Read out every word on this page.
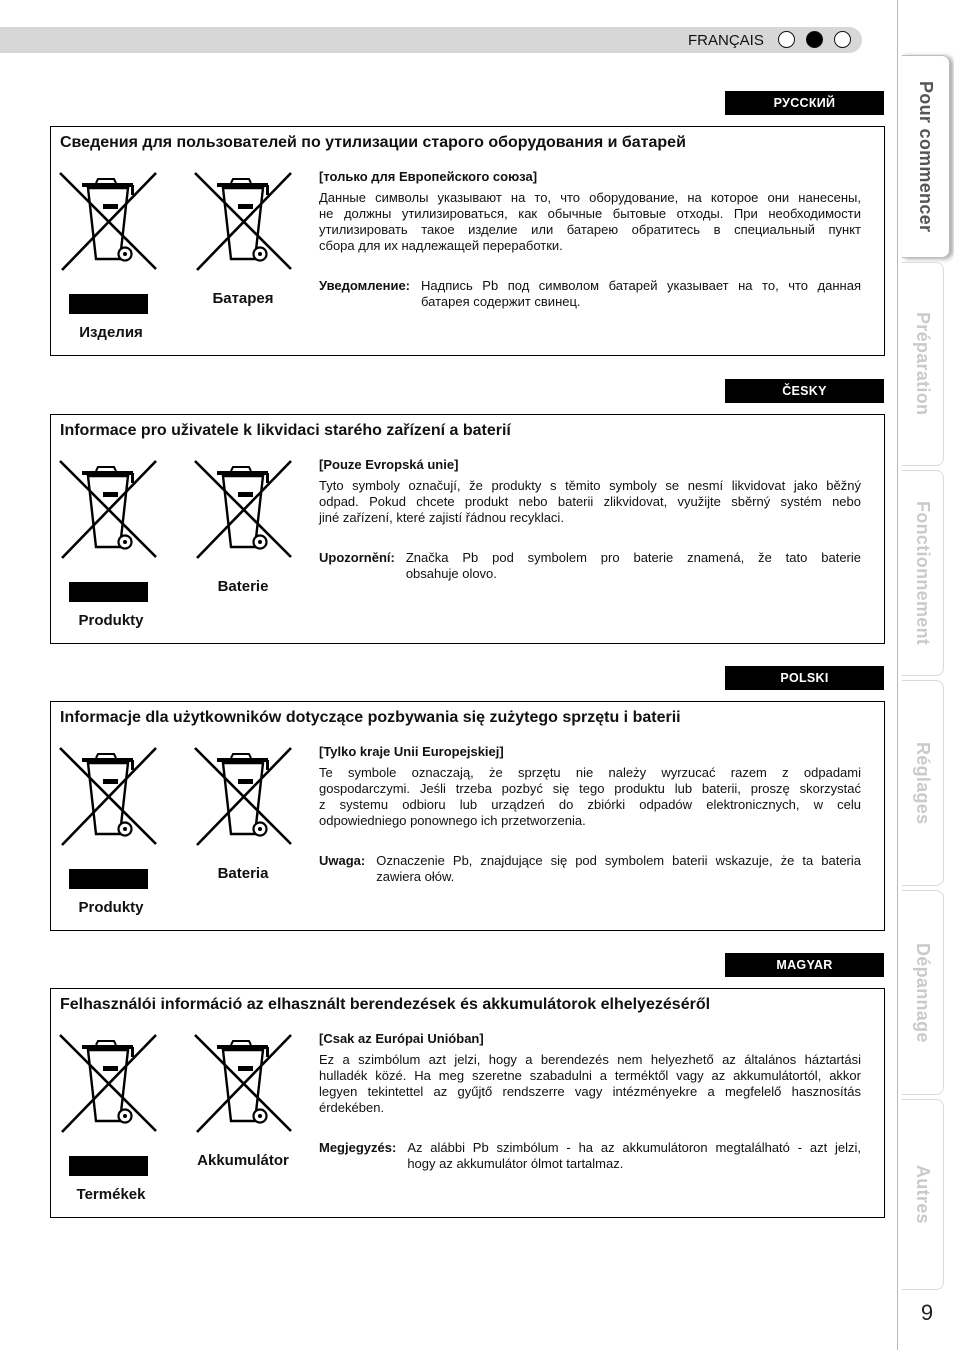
FRANÇAIS
Pour commencer
Préparation
Fonctionnement
Réglages
Dépannage
Autres
9
РУССКИЙ
Сведения для пользователей по утилизации старого оборудования и батарей
Изделия
Батарея
[только для Европейского союза]
Данные символы указывают на то, что оборудование, на которое они нанесены,
не должны утилизироваться, как обычные бытовые отходы. При необходимости
утилизировать такое изделие или батарею обратитесь в специальный пункт
сбора для их надлежащей переработки.
Уведомление: Надпись Pb под символом батарей указывает на то, что данная
батарея содержит свинец.
ČESKY
Informace pro uživatele k likvidaci starého zařízení a baterií
Produkty
Baterie
[Pouze Evropská unie]
Tyto symboly označují, že produkty s těmito symboly se nesmí likvidovat jako běžný
odpad. Pokud chcete produkt nebo baterii zlikvidovat, využijte sběrný systém nebo
jiné zařízení, které zajistí řádnou recyklaci.
Upozornění: Značka Pb pod symbolem pro baterie znamená, že tato baterie
obsahuje olovo.
POLSKI
Informacje dla użytkowników dotyczące pozbywania się zużytego sprzętu i baterii
Produkty
Bateria
[Tylko kraje Unii Europejskiej]
Te symbole oznaczają, że sprzętu nie należy wyrzucać razem z odpadami
gospodarczymi. Jeśli trzeba pozbyć się tego produktu lub baterii, proszę skorzystać
z systemu odbioru lub urządzeń do zbiórki odpadów elektronicznych, w celu
odpowiedniego ponownego ich przetworzenia.
Uwaga: Oznaczenie Pb, znajdujące się pod symbolem baterii wskazuje, że ta bateria
zawiera ołów.
MAGYAR
Felhasználói információ az elhasznált berendezések és akkumulátorok elhelyezéséről
Termékek
Akkumulátor
[Csak az Európai Unióban]
Ez a szimbólum azt jelzi, hogy a berendezés nem helyezhető az általános háztartási
hulladék közé. Ha meg szeretne szabadulni a terméktől vagy az akkumulátortól, akkor
legyen tekintettel az gyűjtő rendszerre vagy intézményekre a megfelelő hasznosítás
érdekében.
Megjegyzés: Az alábbi Pb szimbólum - ha az akkumulátoron megtalálható - azt jelzi,
hogy az akkumulátor ólmot tartalmaz.
